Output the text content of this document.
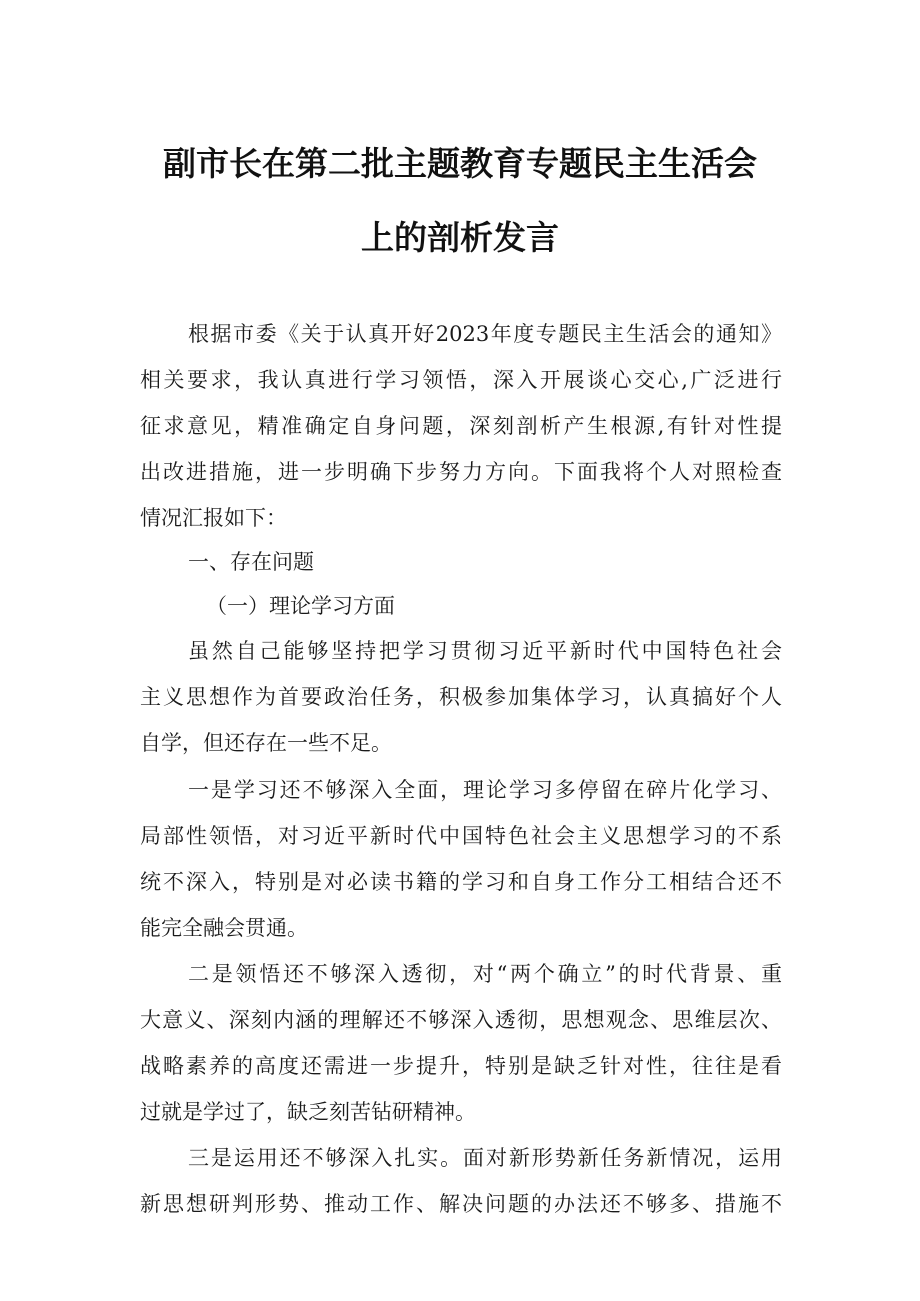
副市长在第二批主题教育专题民主生活会
上的剖析发言
根据市委《关于认真开好2023年度专题民主生活会的通知》
相关要求，我认真进行学习领悟，深入开展谈心交心,广泛进行
征求意见，精准确定自身问题，深刻剖析产生根源,有针对性提
出改进措施，进一步明确下步努力方向。下面我将个人对照检查
情况汇报如下：
一、存在问题
（一）理论学习方面
虽然自己能够坚持把学习贯彻习近平新时代中国特色社会
主义思想作为首要政治任务，积极参加集体学习，认真搞好个人
自学，但还存在一些不足。
一是学习还不够深入全面，理论学习多停留在碎片化学习、
局部性领悟，对习近平新时代中国特色社会主义思想学习的不系
统不深入，特别是对必读书籍的学习和自身工作分工相结合还不
能完全融会贯通。
二是领悟还不够深入透彻，对“两个确立”的时代背景、重
大意义、深刻内涵的理解还不够深入透彻，思想观念、思维层次、
战略素养的高度还需进一步提升，特别是缺乏针对性，往往是看
过就是学过了，缺乏刻苦钻研精神。
三是运用还不够深入扎实。面对新形势新任务新情况，运用
新思想研判形势、推动工作、解决问题的办法还不够多、措施不
